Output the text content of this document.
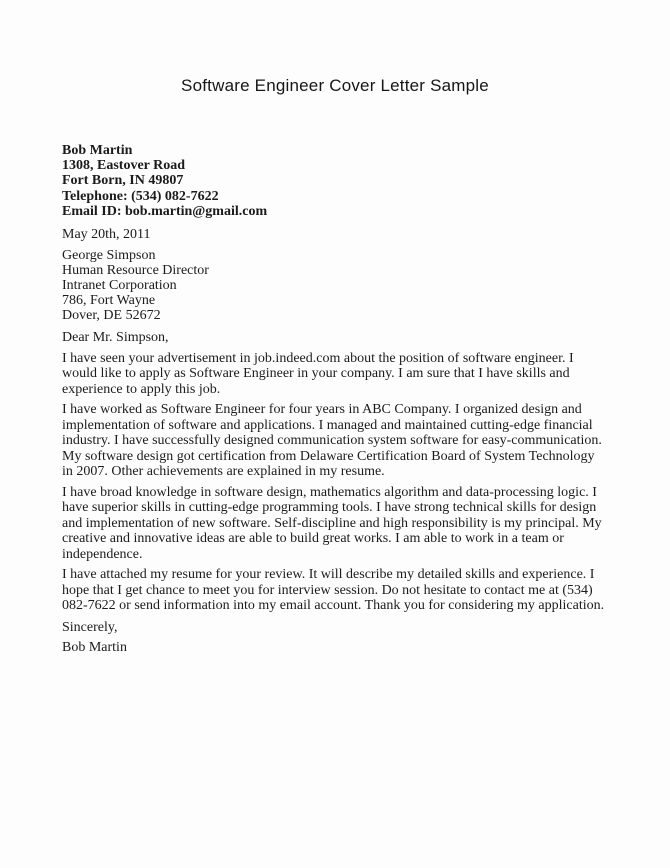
Software Engineer Cover Letter Sample
Bob Martin
1308, Eastover Road
Fort Born, IN 49807
Telephone: (534) 082-7622
Email ID: bob.martin@gmail.com
May 20th, 2011
George Simpson
Human Resource Director
Intranet Corporation
786, Fort Wayne
Dover, DE 52672
Dear Mr. Simpson,

I have seen your advertisement in job.indeed.com about the position of software engineer. I would like to apply as Software Engineer in your company. I am sure that I have skills and experience to apply this job.

I have worked as Software Engineer for four years in ABC Company. I organized design and implementation of software and applications. I managed and maintained cutting-edge financial industry. I have successfully designed communication system software for easy-communication. My software design got certification from Delaware Certification Board of System Technology in 2007. Other achievements are explained in my resume.

I have broad knowledge in software design, mathematics algorithm and data-processing logic. I have superior skills in cutting-edge programming tools. I have strong technical skills for design and implementation of new software. Self-discipline and high responsibility is my principal. My creative and innovative ideas are able to build great works. I am able to work in a team or independence.

I have attached my resume for your review. It will describe my detailed skills and experience. I hope that I get chance to meet you for interview session. Do not hesitate to contact me at (534) 082-7622 or send information into my email account. Thank you for considering my application.

Sincerely,
Bob Martin
